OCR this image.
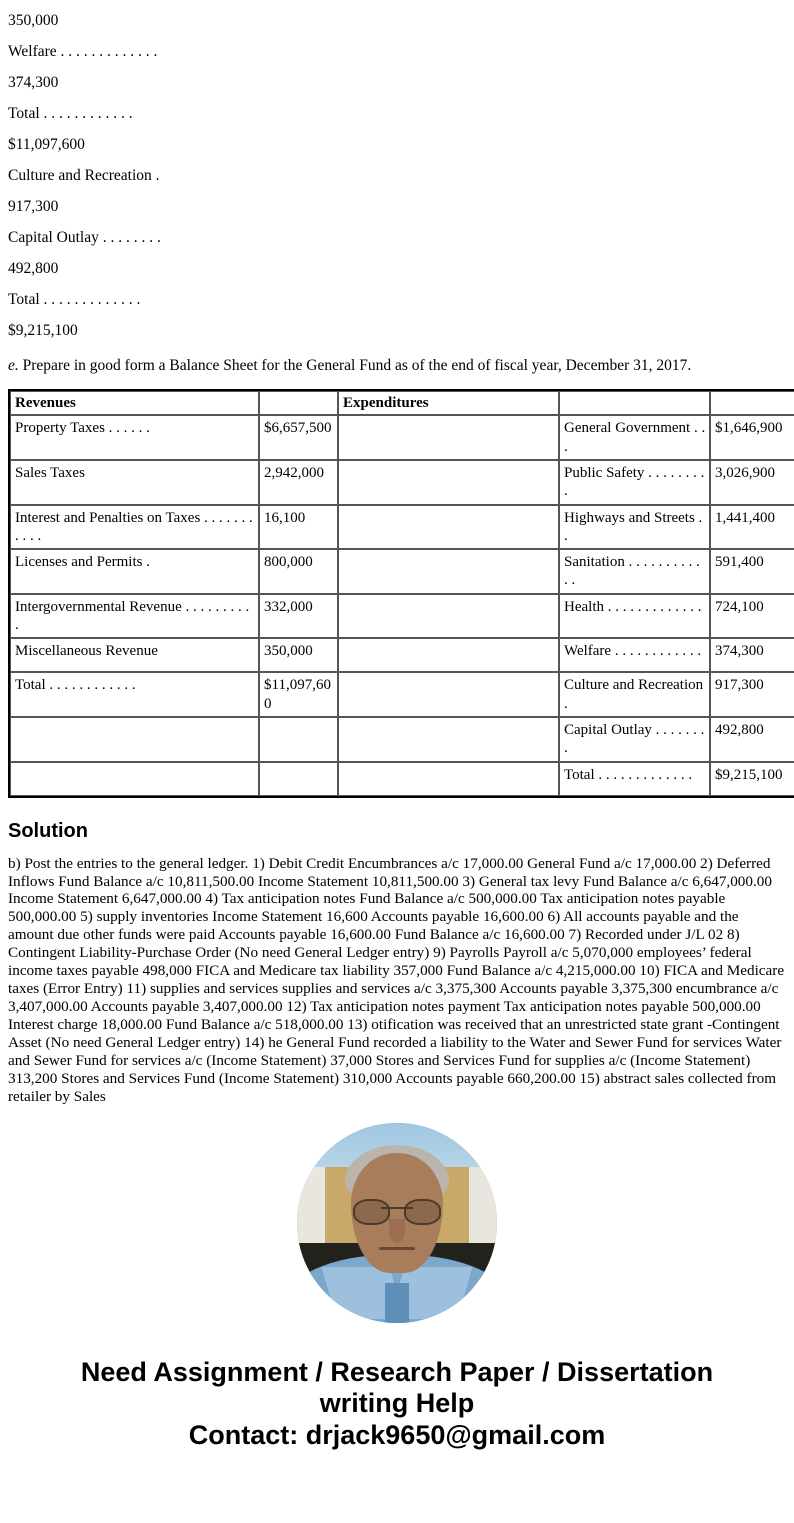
350,000
Welfare . . . . . . . . . . . . .
374,300
Total . . . . . . . . . . . .
$11,097,600
Culture and Recreation .
917,300
Capital Outlay . . . . . . . .
492,800
Total . . . . . . . . . . . . .
$9,215,100
e. Prepare in good form a Balance Sheet for the General Fund as of the end of fiscal year, December 31, 2017.
Revenues		Expenditures		
Property Taxes . . . . . .	$6,657,500		General Government . . .	$1,646,900
Sales Taxes	2,942,000		Public Safety . . . . . . . . .	3,026,900
Interest and Penalties on Taxes . . . . . . . . . . .	16,100		Highways and Streets . .	1,441,400
Licenses and Permits .	800,000		Sanitation . . . . . . . . . . . .	591,400
Intergovernmental Revenue . . . . . . . . . .	332,000		Health . . . . . . . . . . . . .	724,100
Miscellaneous Revenue	350,000		Welfare . . . . . . . . . . . .	374,300
Total . . . . . . . . . . . .	$11,097,600		Culture and Recreation .	917,300
			Capital Outlay . . . . . . . .	492,800
			Total . . . . . . . . . . . . .	$9,215,100
Solution

b) Post the entries to the general ledger. 1) Debit Credit Encumbrances a/c 17,000.00 General Fund a/c 17,000.00 2) Deferred Inflows Fund Balance a/c 10,811,500.00 Income Statement 10,811,500.00 3) General tax levy Fund Balance a/c 6,647,000.00 Income Statement 6,647,000.00 4) Tax anticipation notes Fund Balance a/c 500,000.00 Tax anticipation notes payable 500,000.00 5) supply inventories Income Statement 16,600 Accounts payable 16,600.00 6) All accounts payable and the amount due other funds were paid Accounts payable 16,600.00 Fund Balance a/c 16,600.00 7) Recorded under J/L 02 8) Contingent Liability-Purchase Order (No need General Ledger entry) 9) Payrolls Payroll a/c 5,070,000 employees’ federal income taxes payable 498,000 FICA and Medicare tax liability 357,000 Fund Balance a/c 4,215,000.00 10) FICA and Medicare taxes (Error Entry) 11) supplies and services supplies and services a/c 3,375,300 Accounts payable 3,375,300 encumbrance a/c 3,407,000.00 Accounts payable 3,407,000.00 12) Tax anticipation notes payment Tax anticipation notes payable 500,000.00 Interest charge 18,000.00 Fund Balance a/c 518,000.00 13) otification was received that an unrestricted state grant -Contingent Asset (No need General Ledger entry) 14) he General Fund recorded a liability to the Water and Sewer Fund for services Water and Sewer Fund for services a/c (Income Statement) 37,000 Stores and Services Fund for supplies a/c (Income Statement) 313,200 Stores and Services Fund (Income Statement) 310,000 Accounts payable 660,200.00 15) abstract sales collected from retailer by Sales

Need Assignment / Research Paper / Dissertation
writing Help
Contact: drjack9650@gmail.com
